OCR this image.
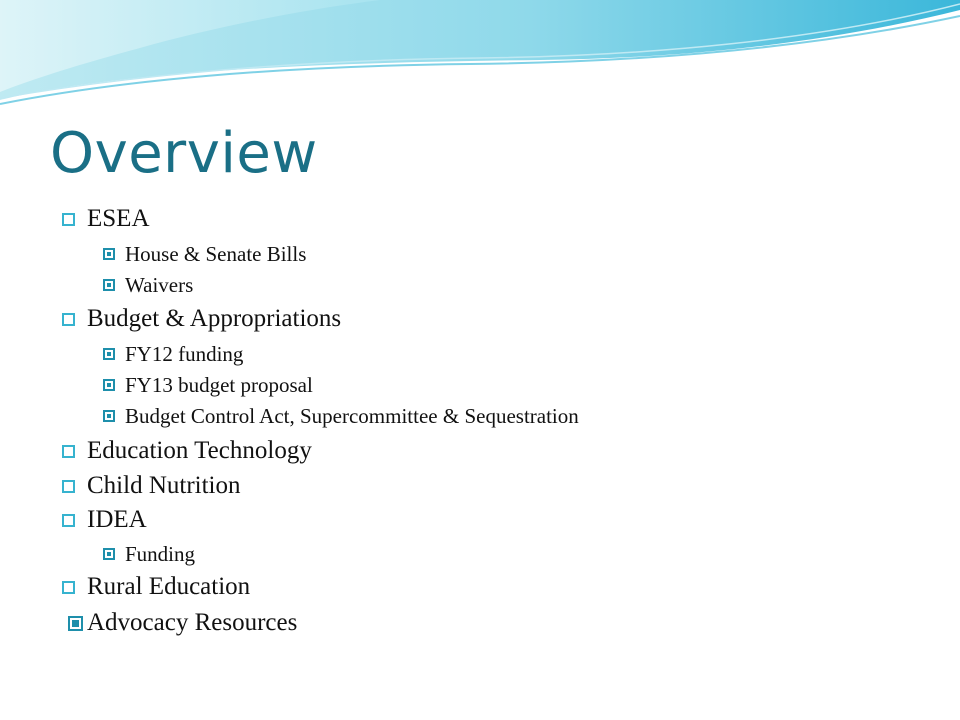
Overview
ESEA
House & Senate Bills
Waivers
Budget & Appropriations
FY12 funding
FY13 budget proposal
Budget Control Act, Supercommittee & Sequestration
Education Technology
Child Nutrition
IDEA
Funding
Rural Education
Advocacy Resources
